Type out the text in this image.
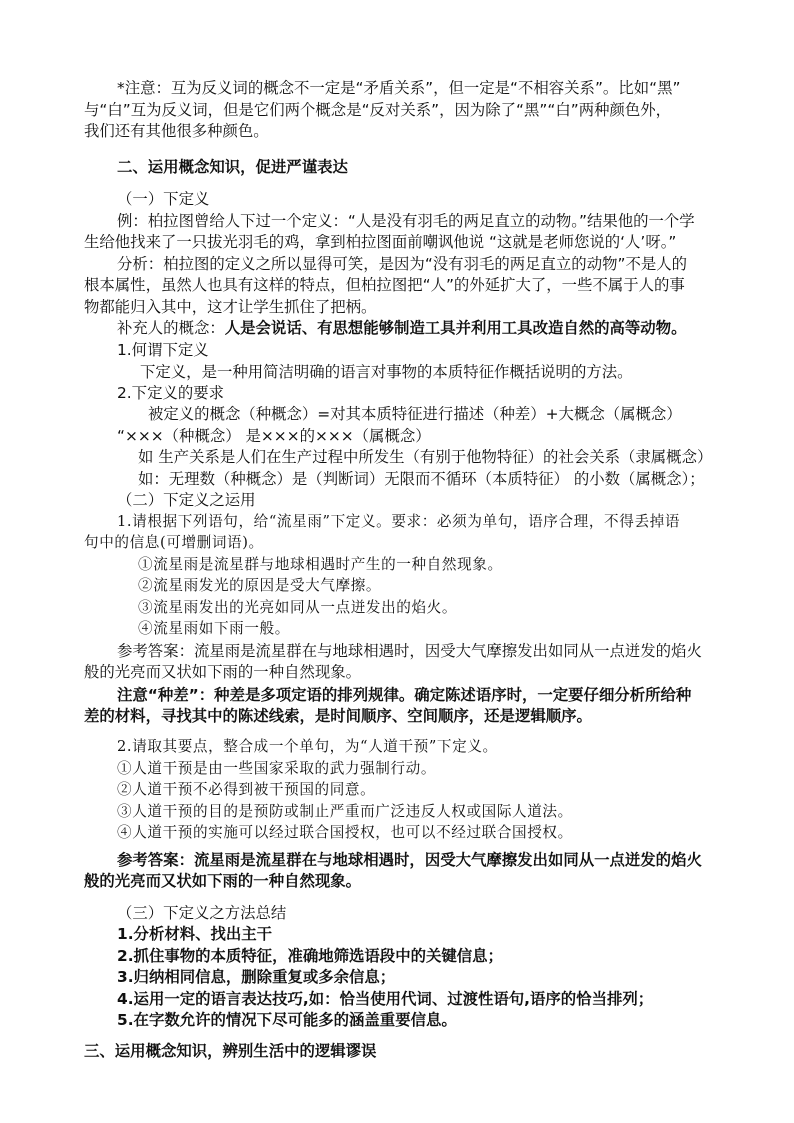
*注意：互为反义词的概念不一定是“矛盾关系”，但一定是“不相容关系”。比如“黑”
与“白”互为反义词，但是它们两个概念是“反对关系”，因为除了“黑”“白”两种颜色外，
我们还有其他很多种颜色。
二、运用概念知识，促进严谨表达
（一）下定义
例：柏拉图曾给人下过一个定义：“人是没有羽毛的两足直立的动物。”结果他的一个学
生给他找来了一只拔光羽毛的鸡，拿到柏拉图面前嘲讽他说 “这就是老师您说的‘人’呀。”
分析：柏拉图的定义之所以显得可笑，是因为“没有羽毛的两足直立的动物”不是人的
根本属性，虽然人也具有这样的特点，但柏拉图把“人”的外延扩大了，一些不属于人的事
物都能归入其中，这才让学生抓住了把柄。
补充人的概念：人是会说话、有思想能够制造工具并利用工具改造自然的高等动物。
1.何谓下定义
下定义，是一种用简洁明确的语言对事物的本质特征作概括说明的方法。
2.下定义的要求
被定义的概念（种概念）=对其本质特征进行描述（种差）+大概念（属概念）
“×××（种概念） 是×××的×××（属概念）
如 生产关系是人们在生产过程中所发生（有别于他物特征）的社会关系（隶属概念）
如：无理数（种概念）是（判断词）无限而不循环（本质特征） 的小数（属概念）；
（二）下定义之运用
1.请根据下列语句，给“流星雨”下定义。要求：必须为单句，语序合理，不得丢掉语
句中的信息(可增删词语)。
①流星雨是流星群与地球相遇时产生的一种自然现象。
②流星雨发光的原因是受大气摩擦。
③流星雨发出的光亮如同从一点迸发出的焰火。
④流星雨如下雨一般。
参考答案：流星雨是流星群在与地球相遇时，因受大气摩擦发出如同从一点迸发的焰火
般的光亮而又状如下雨的一种自然现象。
注意“种差”：种差是多项定语的排列规律。确定陈述语序时，一定要仔细分析所给种
差的材料，寻找其中的陈述线索，是时间顺序、空间顺序，还是逻辑顺序。
2.请取其要点，整合成一个单句，为“人道干预”下定义。
①人道干预是由一些国家采取的武力强制行动。
②人道干预不必得到被干预国的同意。
③人道干预的目的是预防或制止严重而广泛违反人权或国际人道法。
④人道干预的实施可以经过联合国授权，也可以不经过联合国授权。
参考答案：流星雨是流星群在与地球相遇时，因受大气摩擦发出如同从一点迸发的焰火
般的光亮而又状如下雨的一种自然现象。
（三）下定义之方法总结
1.分析材料、找出主干
2.抓住事物的本质特征，准确地筛选语段中的关键信息；
3.归纳相同信息，删除重复或多余信息；
4.运用一定的语言表达技巧,如：恰当使用代词、过渡性语句,语序的恰当排列；
5.在字数允许的情况下尽可能多的涵盖重要信息。
三、运用概念知识，辨别生活中的逻辑谬误
